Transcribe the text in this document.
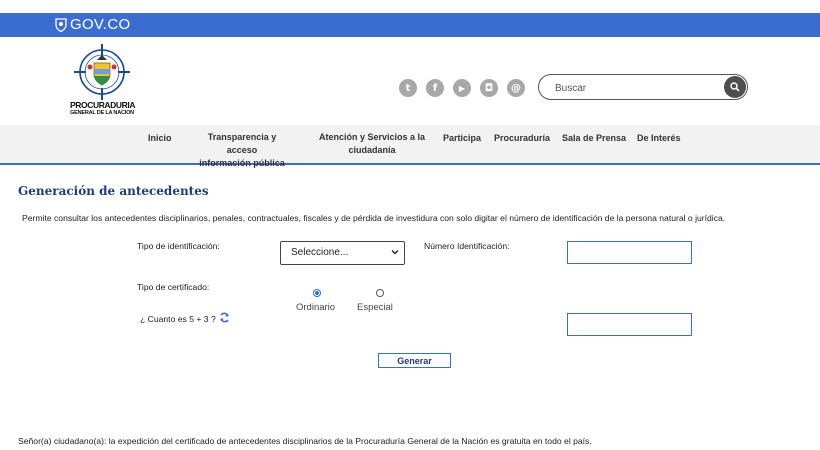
GOV.CO
PROCURADURIA
GENERAL DE LA NACION
t	f	▶	◘	@
Buscar
Inicio	Transparencia y acceso
información pública
Atención y Servicios a la
ciudadanía
Participa Procuraduría Sala de Prensa De Interés
Generación de antecedentes
Permite consultar los antecedentes disciplinarios, penales, contractuales, fiscales y de pérdida de investidura con solo digitar el número de identificación de la persona natural o jurídica.
Tipo de identificación:
Seleccione...
Número Identificación:
Tipo de certificado:
Ordinario Especial
¿ Cuanto es 5 + 3 ?
Generar
Señor(a) ciudadano(a): la expedición del certificado de antecedentes disciplinarios de la Procuraduría General de la Nación es gratuita en todo el país.
